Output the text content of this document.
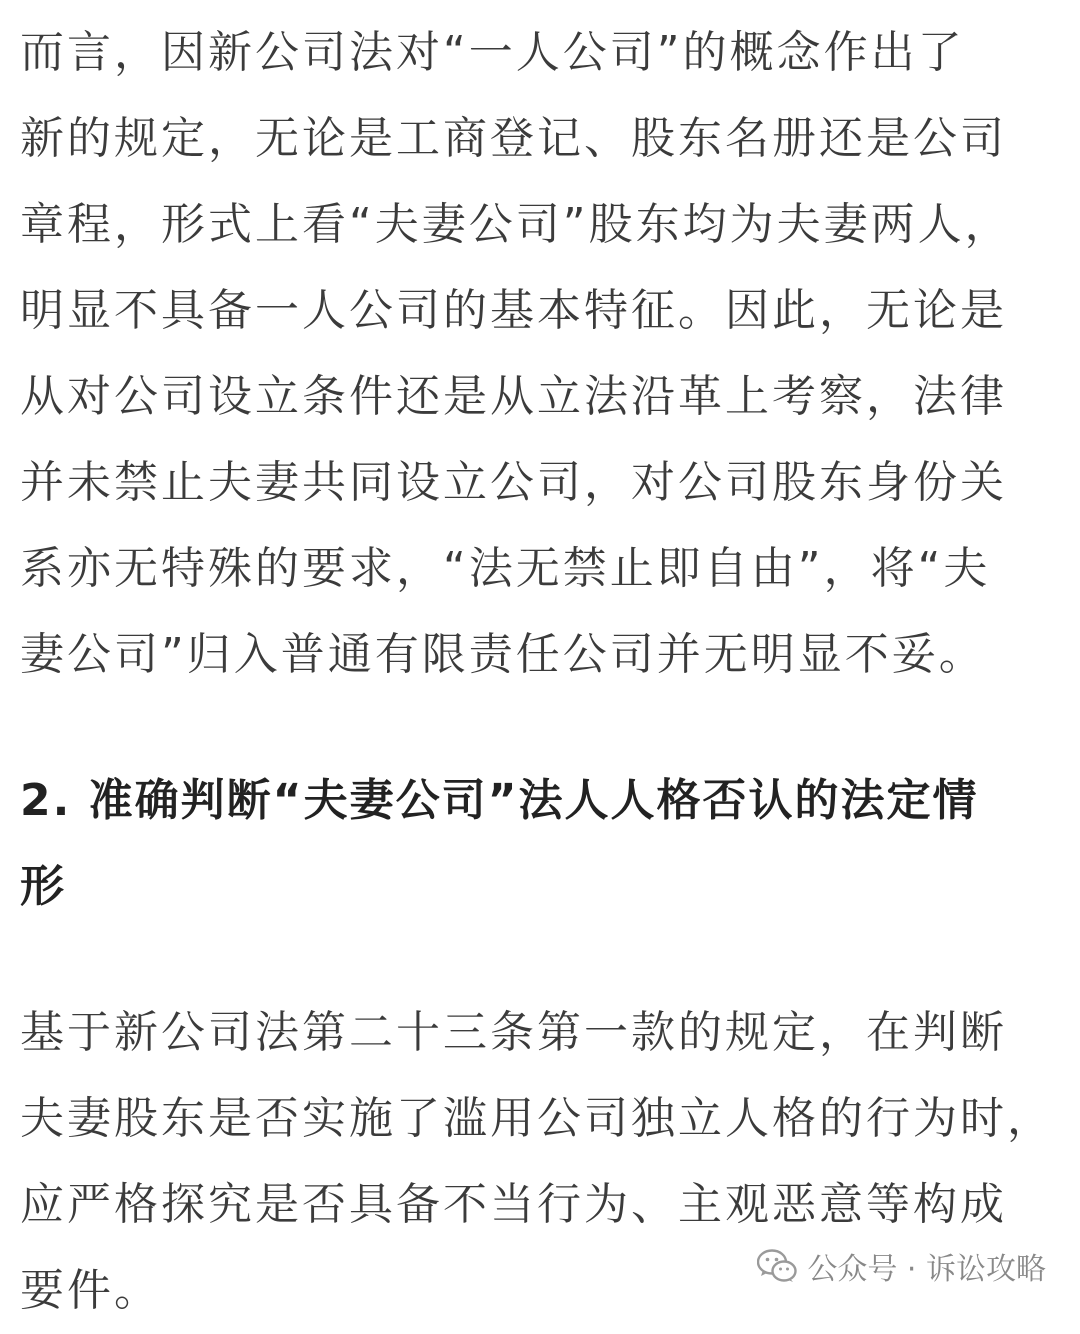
而言，因新公司法对“一人公司”的概念作出了
新的规定，无论是工商登记、股东名册还是公司
章程，形式上看“夫妻公司”股东均为夫妻两人，
明显不具备一人公司的基本特征。因此，无论是
从对公司设立条件还是从立法沿革上考察，法律
并未禁止夫妻共同设立公司，对公司股东身份关
系亦无特殊的要求，“法无禁止即自由”，将“夫
妻公司”归入普通有限责任公司并无明显不妥。
2. 准确判断“夫妻公司”法人人格否认的法定情
形
基于新公司法第二十三条第一款的规定，在判断
夫妻股东是否实施了滥用公司独立人格的行为时，
应严格探究是否具备不当行为、主观恶意等构成
要件。	公众号 · 诉讼攻略
